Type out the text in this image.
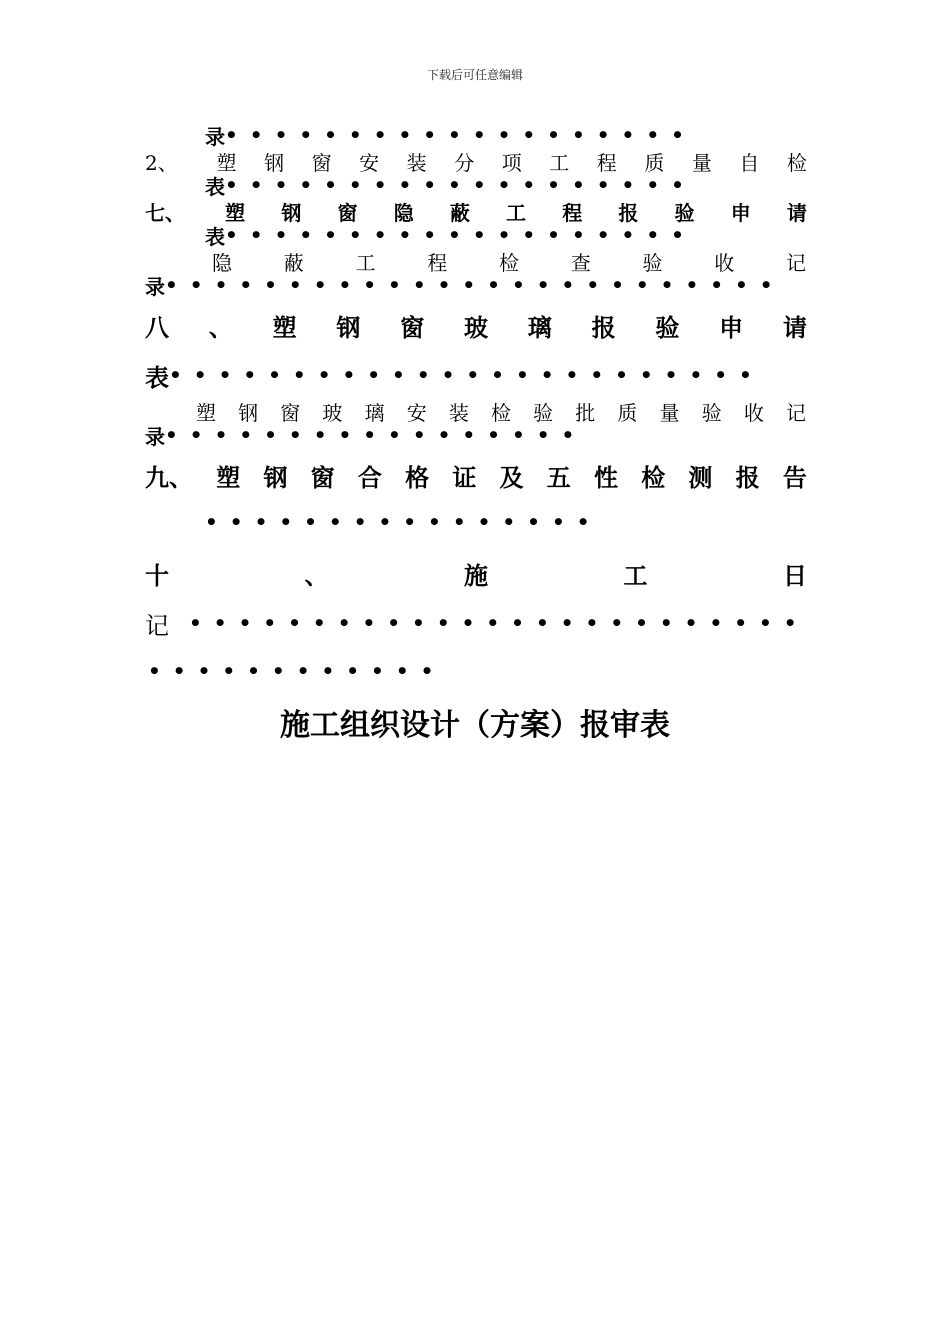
下载后可任意编辑
录 •••••••••••••••••••
2、	塑 钢 窗 安 装 分 项 工 程 质 量 自 检
表 •••••••••••••••••••
七、 塑 钢 窗 隐 蔽 工 程 报 验 申 请
表 •••••••••••••••••••
隐	蔽	工	程	检	查	验	收	记
录 •••••••••••••••••••••••••
八 、 塑 钢 窗 玻 璃 报 验 申 请
表 ••••••••••••••••••••••••
塑 钢 窗 玻 璃 安 装 检 验 批 质 量 验 收 记
录 •••••••••••••••••
九、 塑 钢 窗 合 格 证 及 五 性 检 测 报 告
••••••••••••••••
十	、	施	工	日
记 •••••••••••••••••••••••••
••••••••••••
施工组织设计（方案）报审表
